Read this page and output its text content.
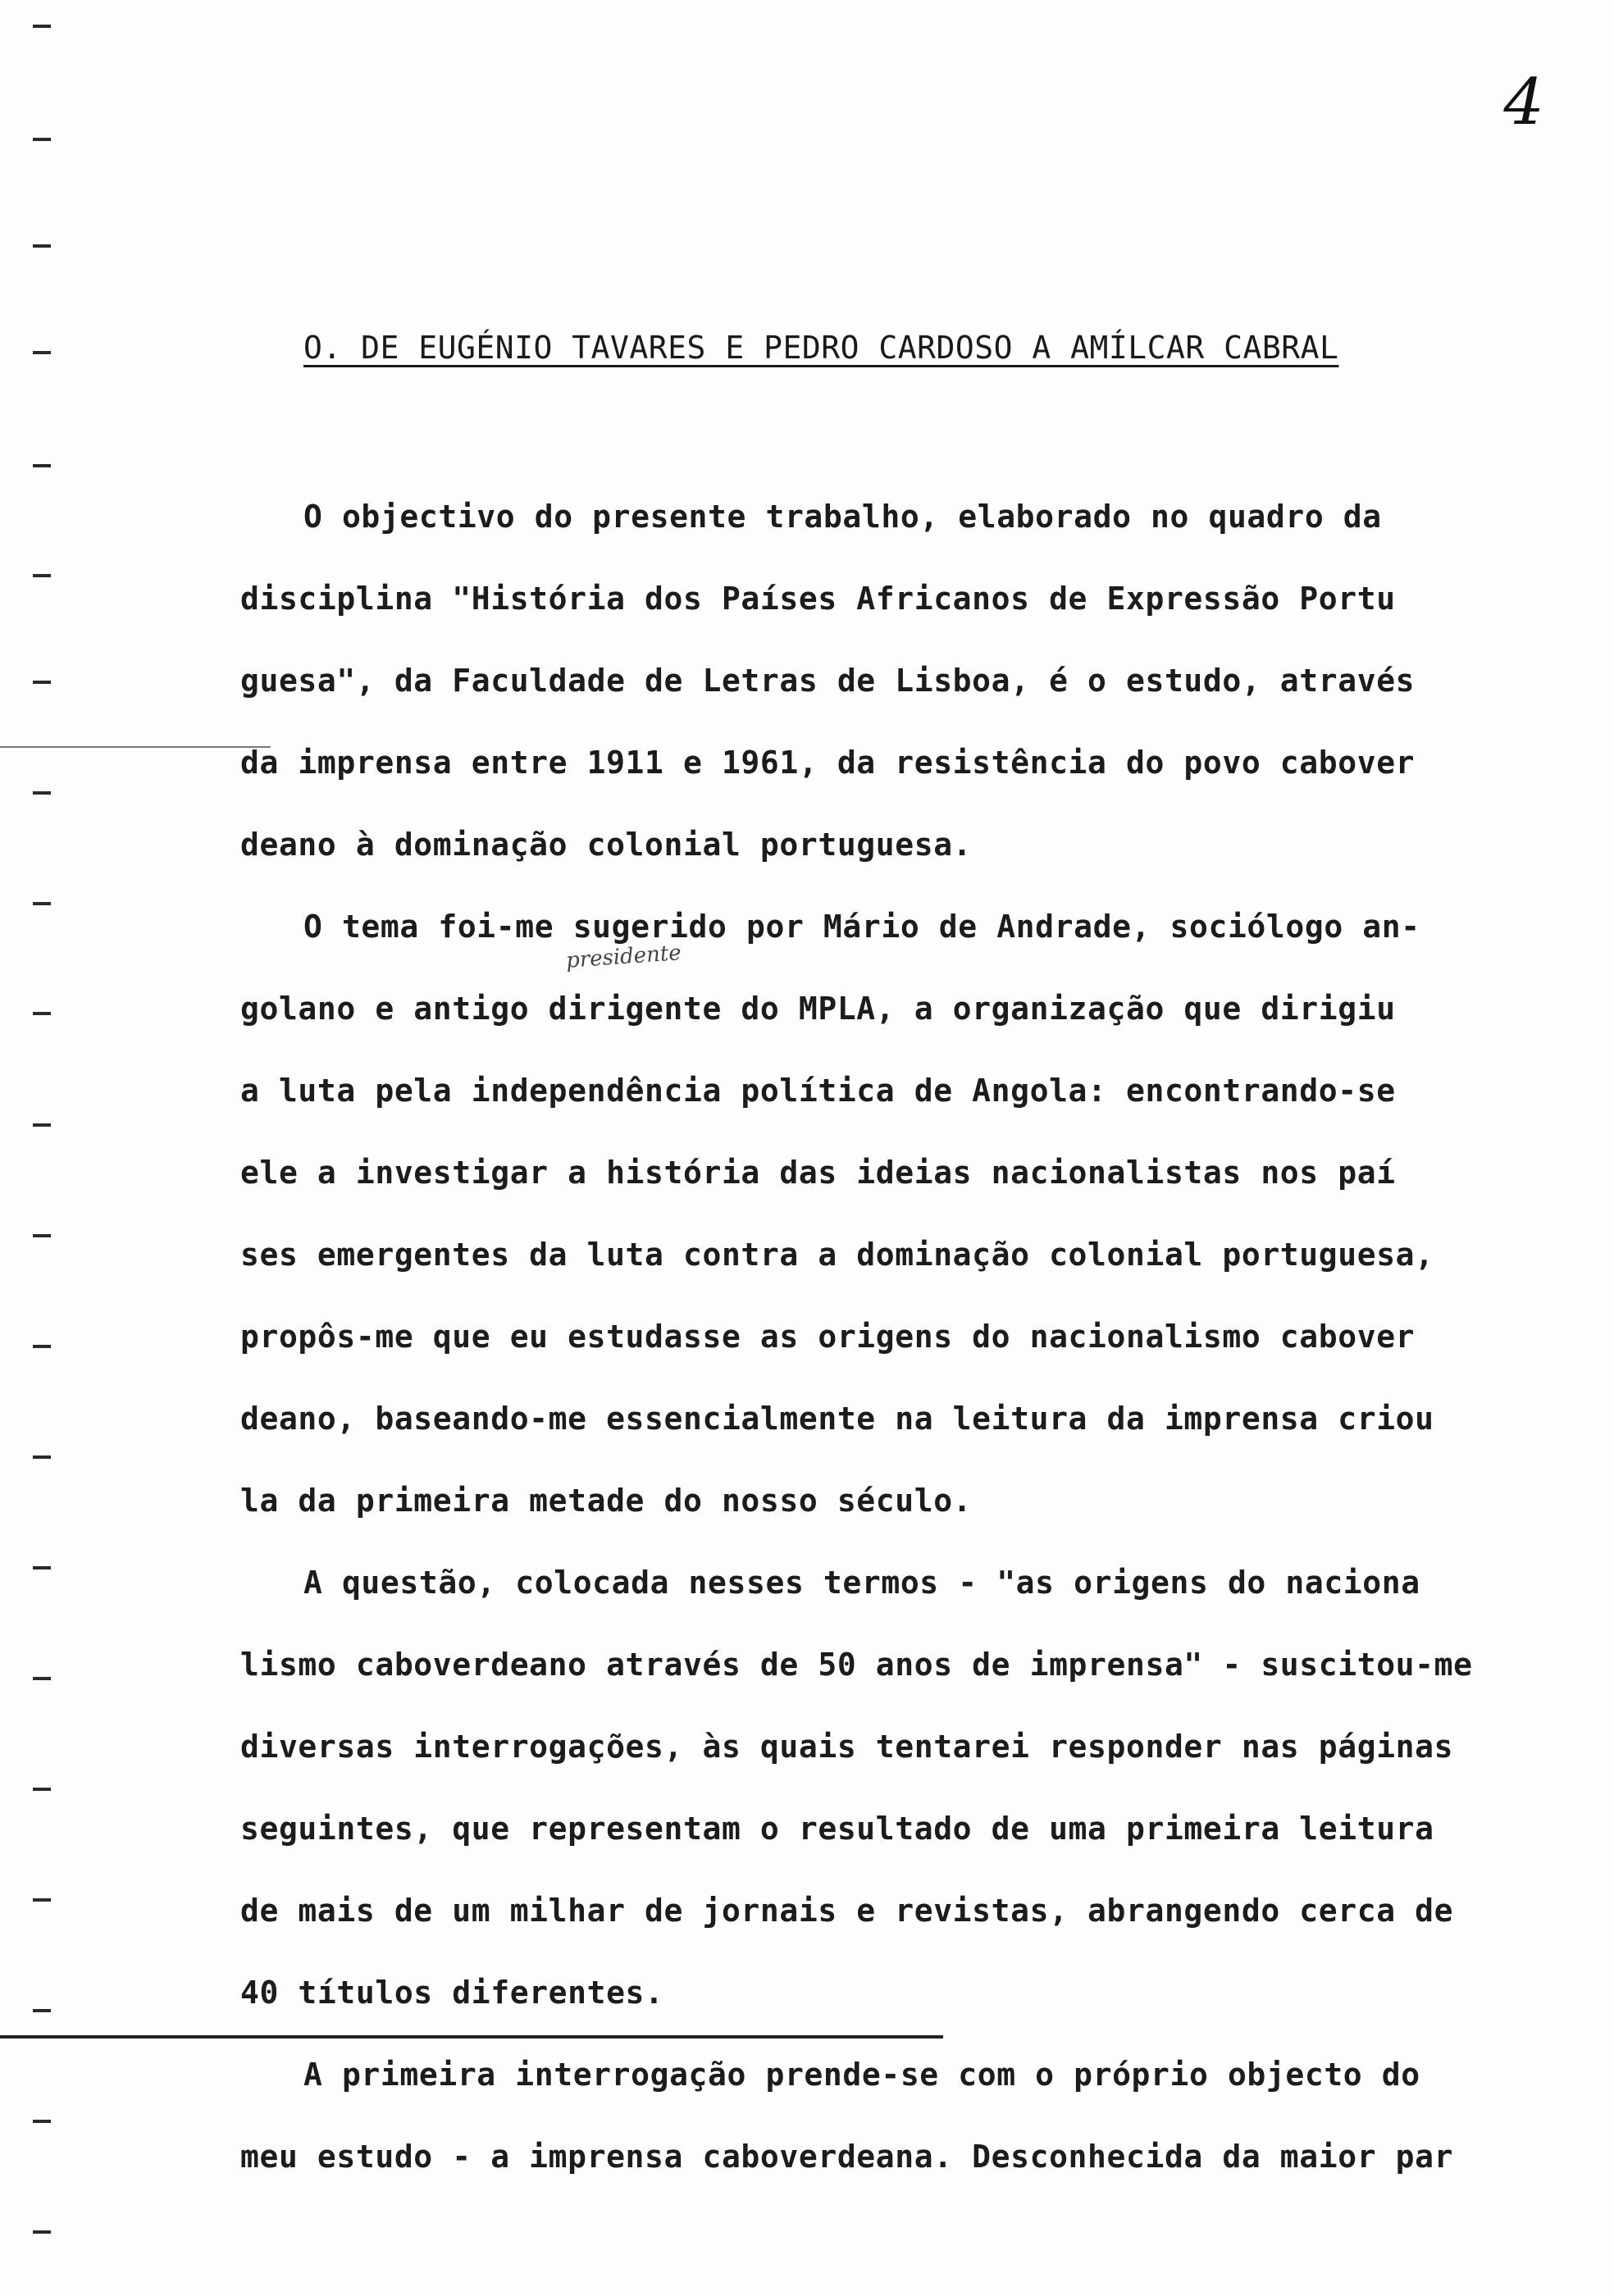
4
O. DE EUGÉNIO TAVARES E PEDRO CARDOSO A AMÍLCAR CABRAL
presidente
O objectivo do presente trabalho, elaborado no quadro da
disciplina "História dos Países Africanos de Expressão Portu
guesa", da Faculdade de Letras de Lisboa, é o estudo, através
da imprensa entre 1911 e 1961, da resistência do povo cabover
deano à dominação colonial portuguesa.
O tema foi-me sugerido por Mário de Andrade, sociólogo an-
golano e antigo dirigente do MPLA, a organização que dirigiu
a luta pela independência política de Angola: encontrando-se
ele a investigar a história das ideias nacionalistas nos paí
ses emergentes da luta contra a dominação colonial portuguesa,
propôs-me que eu estudasse as origens do nacionalismo cabover
deano, baseando-me essencialmente na leitura da imprensa criou
la da primeira metade do nosso século.
A questão, colocada nesses termos - "as origens do naciona
lismo caboverdeano através de 50 anos de imprensa" - suscitou-me
diversas interrogações, às quais tentarei responder nas páginas
seguintes, que representam o resultado de uma primeira leitura
de mais de um milhar de jornais e revistas, abrangendo cerca de
40 títulos diferentes.
A primeira interrogação prende-se com o próprio objecto do
meu estudo - a imprensa caboverdeana. Desconhecida da maior par
